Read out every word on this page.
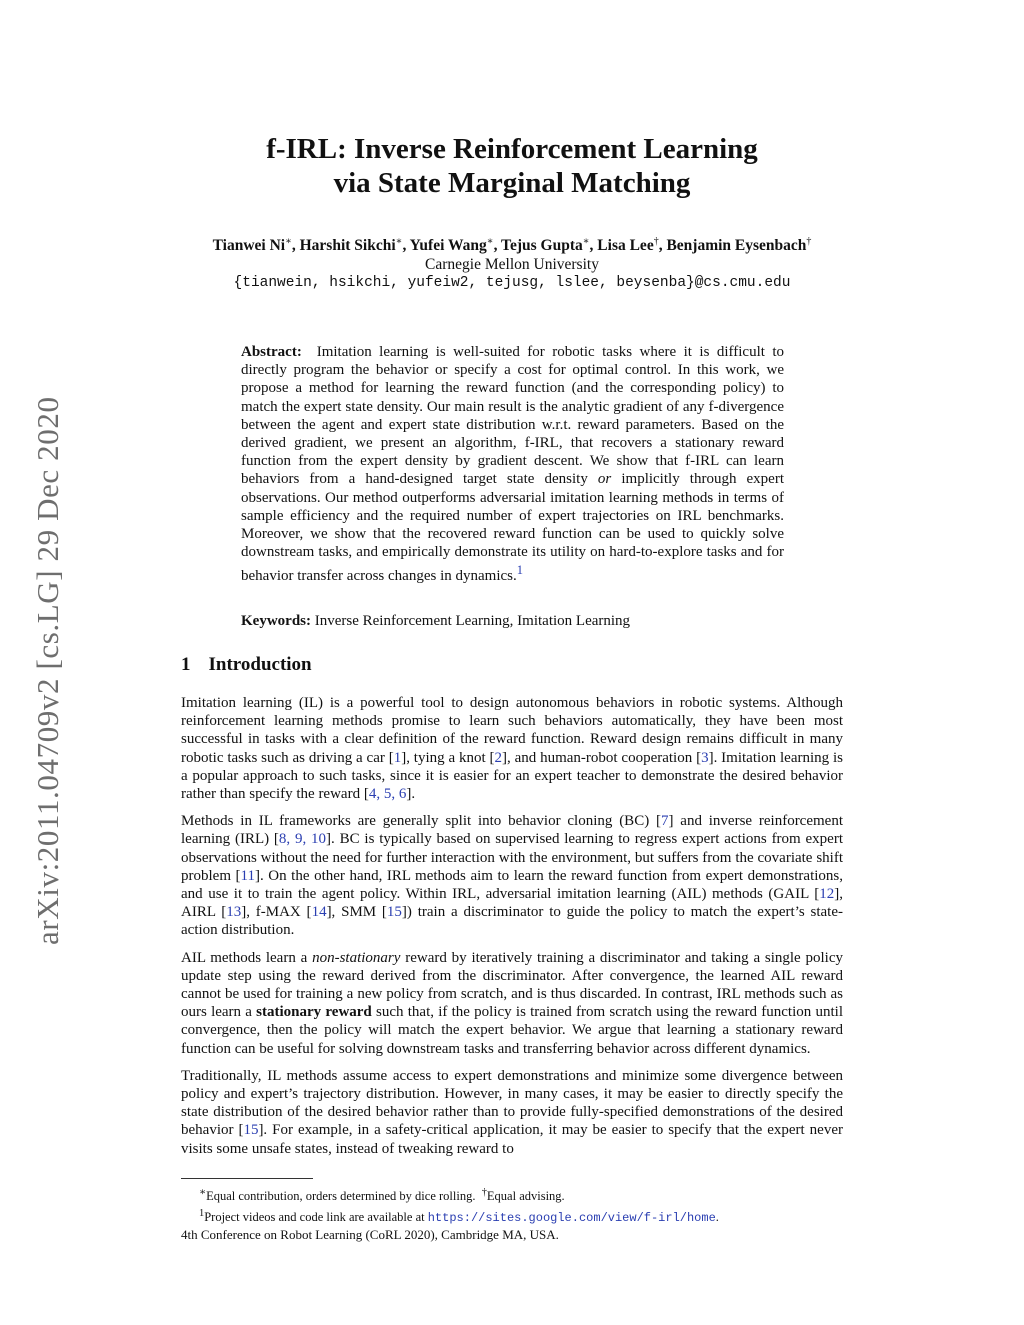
arXiv:2011.04709v2 [cs.LG] 29 Dec 2020
f-IRL: Inverse Reinforcement Learning
via State Marginal Matching
Tianwei Ni∗, Harshit Sikchi∗, Yufei Wang∗, Tejus Gupta∗, Lisa Lee†, Benjamin Eysenbach†
Carnegie Mellon University
{tianwein, hsikchi, yufeiw2, tejusg, lslee, beysenba}@cs.cmu.edu
Abstract: Imitation learning is well-suited for robotic tasks where it is difficult to directly program the behavior or specify a cost for optimal control. In this work, we propose a method for learning the reward function (and the corresponding policy) to match the expert state density. Our main result is the analytic gradient of any f-divergence between the agent and expert state distribution w.r.t. reward parameters. Based on the derived gradient, we present an algorithm, f-IRL, that recovers a stationary reward function from the expert density by gradient descent. We show that f-IRL can learn behaviors from a hand-designed target state density or implicitly through expert observations. Our method outperforms adversarial imitation learning methods in terms of sample efficiency and the required number of expert trajectories on IRL benchmarks. Moreover, we show that the recovered reward function can be used to quickly solve downstream tasks, and empirically demonstrate its utility on hard-to-explore tasks and for behavior transfer across changes in dynamics.$^1$
Keywords: Inverse Reinforcement Learning, Imitation Learning
1 Introduction

Imitation learning (IL) is a powerful tool to design autonomous behaviors in robotic systems. Although reinforcement learning methods promise to learn such behaviors automatically, they have been most successful in tasks with a clear definition of the reward function. Reward design remains difficult in many robotic tasks such as driving a car [1], tying a knot [2], and human-robot cooperation [3]. Imitation learning is a popular approach to such tasks, since it is easier for an expert teacher to demonstrate the desired behavior rather than specify the reward [4, 5, 6].

Methods in IL frameworks are generally split into behavior cloning (BC) [7] and inverse reinforcement learning (IRL) [8, 9, 10]. BC is typically based on supervised learning to regress expert actions from expert observations without the need for further interaction with the environment, but suffers from the covariate shift problem [11]. On the other hand, IRL methods aim to learn the reward function from expert demonstrations, and use it to train the agent policy. Within IRL, adversarial imitation learning (AIL) methods (GAIL [12], AIRL [13], f-MAX [14], SMM [15]) train a discriminator to guide the policy to match the expert’s state-action distribution.

AIL methods learn a non-stationary reward by iteratively training a discriminator and taking a single policy update step using the reward derived from the discriminator. After convergence, the learned AIL reward cannot be used for training a new policy from scratch, and is thus discarded. In contrast, IRL methods such as ours learn a stationary reward such that, if the policy is trained from scratch using the reward function until convergence, then the policy will match the expert behavior. We argue that learning a stationary reward function can be useful for solving downstream tasks and transferring behavior across different dynamics.

Traditionally, IL methods assume access to expert demonstrations and minimize some divergence between policy and expert’s trajectory distribution. However, in many cases, it may be easier to directly specify the state distribution of the desired behavior rather than to provide fully-specified demonstrations of the desired behavior [15]. For example, in a safety-critical application, it may be easier to specify that the expert never visits some unsafe states, instead of tweaking reward to

∗Equal contribution, orders determined by dice rolling. †Equal advising.
$^1$Project videos and code link are available at https://sites.google.com/view/f-irl/home.
4th Conference on Robot Learning (CoRL 2020), Cambridge MA, USA.
